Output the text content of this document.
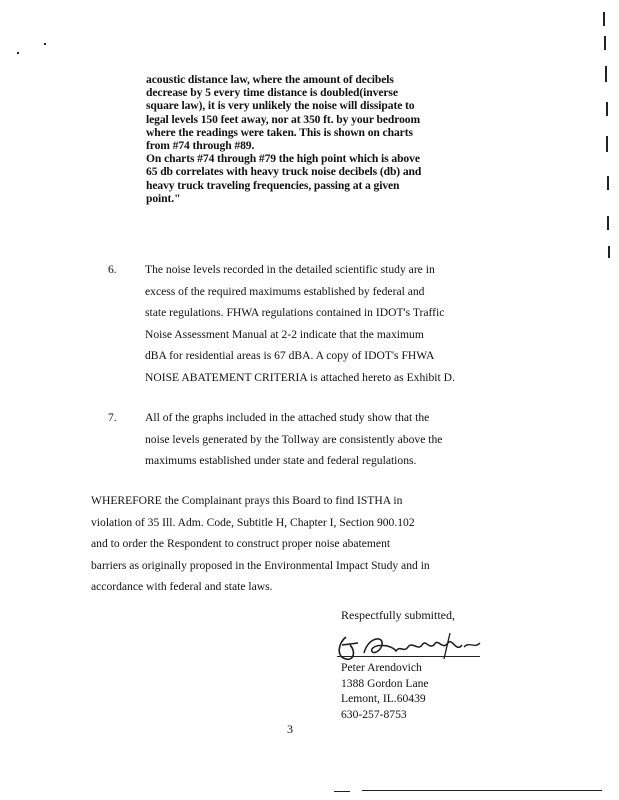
acoustic distance law, where the amount of decibels

decrease by 5 every time distance is doubled(inverse

square law), it is very unlikely the noise will dissipate to

legal levels 150 feet away, nor at 350 ft. by your bedroom

where the readings were taken. This is shown on charts

from #74 through #89.

On charts #74 through #79 the high point which is above

65 db correlates with heavy truck noise decibels (db) and

heavy truck traveling frequencies, passing at a given

point."

6. The noise levels recorded in the detailed scientific study are in
excess of the required maximums established by federal and
state regulations. FHWA regulations contained in IDOT's Traffic
Noise Assessment Manual at 2-2 indicate that the maximum
dBA for residential areas is 67 dBA. A copy of IDOT's FHWA
NOISE ABATEMENT CRITERIA is attached hereto as Exhibit D.
7. All of the graphs included in the attached study show that the
noise levels generated by the Tollway are consistently above the
maximums established under state and federal regulations.
WHEREFORE the Complainant prays this Board to find ISTHA in
violation of 35 Ill. Adm. Code, Subtitle H, Chapter I, Section 900.102
and to order the Respondent to construct proper noise abatement
barriers as originally proposed in the Environmental Impact Study and in
accordance with federal and state laws.
Respectfully submitted,
Peter Arendovich
1388 Gordon Lane
Lemont, IL.60439
630-257-8753
3
